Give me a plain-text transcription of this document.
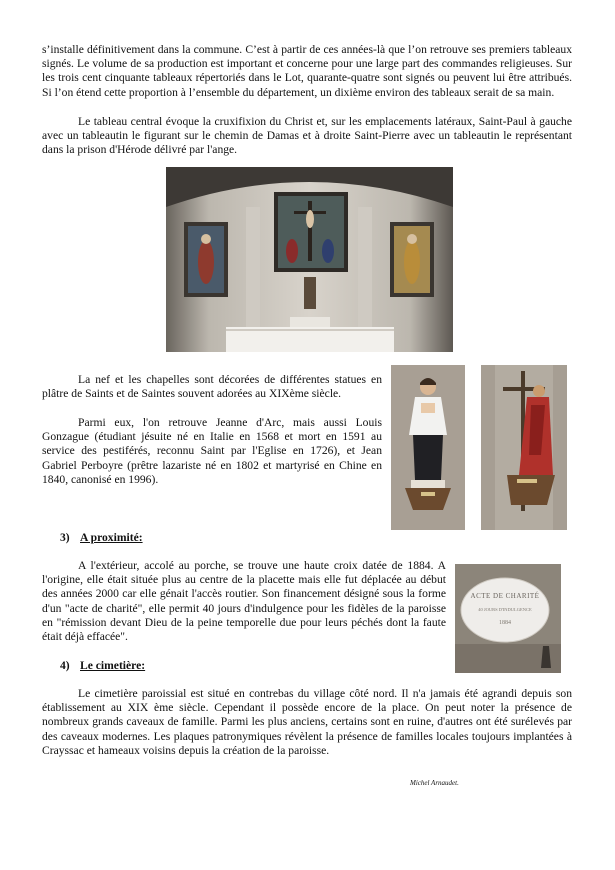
s’installe définitivement dans la commune. C’est à partir de ces années-là que l’on retrouve ses premiers tableaux signés. Le volume de sa production est important et concerne pour une large part des commandes religieuses. Sur les trois cent cinquante tableaux répertoriés dans le Lot, quarante-quatre sont signés ou peuvent lui être attribués. Si l’on étend cette proportion à l’ensemble du département, un dixième environ des tableaux serait de sa main.

Le tableau central évoque la cruxifixion du Christ et, sur les emplacements latéraux, Saint-Paul à gauche avec un tableautin le figurant sur le chemin de Damas et à droite Saint-Pierre avec un tableautin le représentant dans la prison d'Hérode délivré par l'ange.

La nef et les chapelles sont décorées de différentes statues en plâtre de Saints et de Saintes souvent adorées au XIXème siècle.

Parmi eux, l'on retrouve Jeanne d'Arc, mais aussi Louis Gonzague (étudiant jésuite né en Italie en 1568 et mort en 1591 au service des pestiférés, reconnu Saint par l'Eglise en 1726), et Jean Gabriel Perboyre (prêtre lazariste né en 1802 et martyrisé en Chine en 1840, canonisé en 1996).

3) A proximité:

A l'extérieur, accolé au porche, se trouve une haute croix datée de 1884. A l'origine, elle était située plus au centre de la placette mais elle fut déplacée au début des années 2000 car elle génait l'accès routier. Son financement désigné sous la forme d'un "acte de charité", elle permit 40 jours d'indulgence pour les fidèles de la paroisse en "rémission devant Dieu de la peine temporelle due pour leurs péchés dont la faute était déjà effacée".

ACTE DE CHARITÉ
40 JOURS D'INDULGENCE
1884
4) Le cimetière:

Le cimetière paroissial est situé en contrebas du village côté nord. Il n'a jamais été agrandi depuis son établissement au XIX ème siècle. Cependant il possède encore de la place. On peut noter la présence de nombreux grands caveaux de famille. Parmi les plus anciens, certains sont en ruine, d'autres ont été surélevés par des caveaux modernes. Les plaques patronymiques révèlent la présence de familles locales toujours implantées à Crayssac et hameaux voisins depuis la création de la paroisse.

Michel Arnaudet.
